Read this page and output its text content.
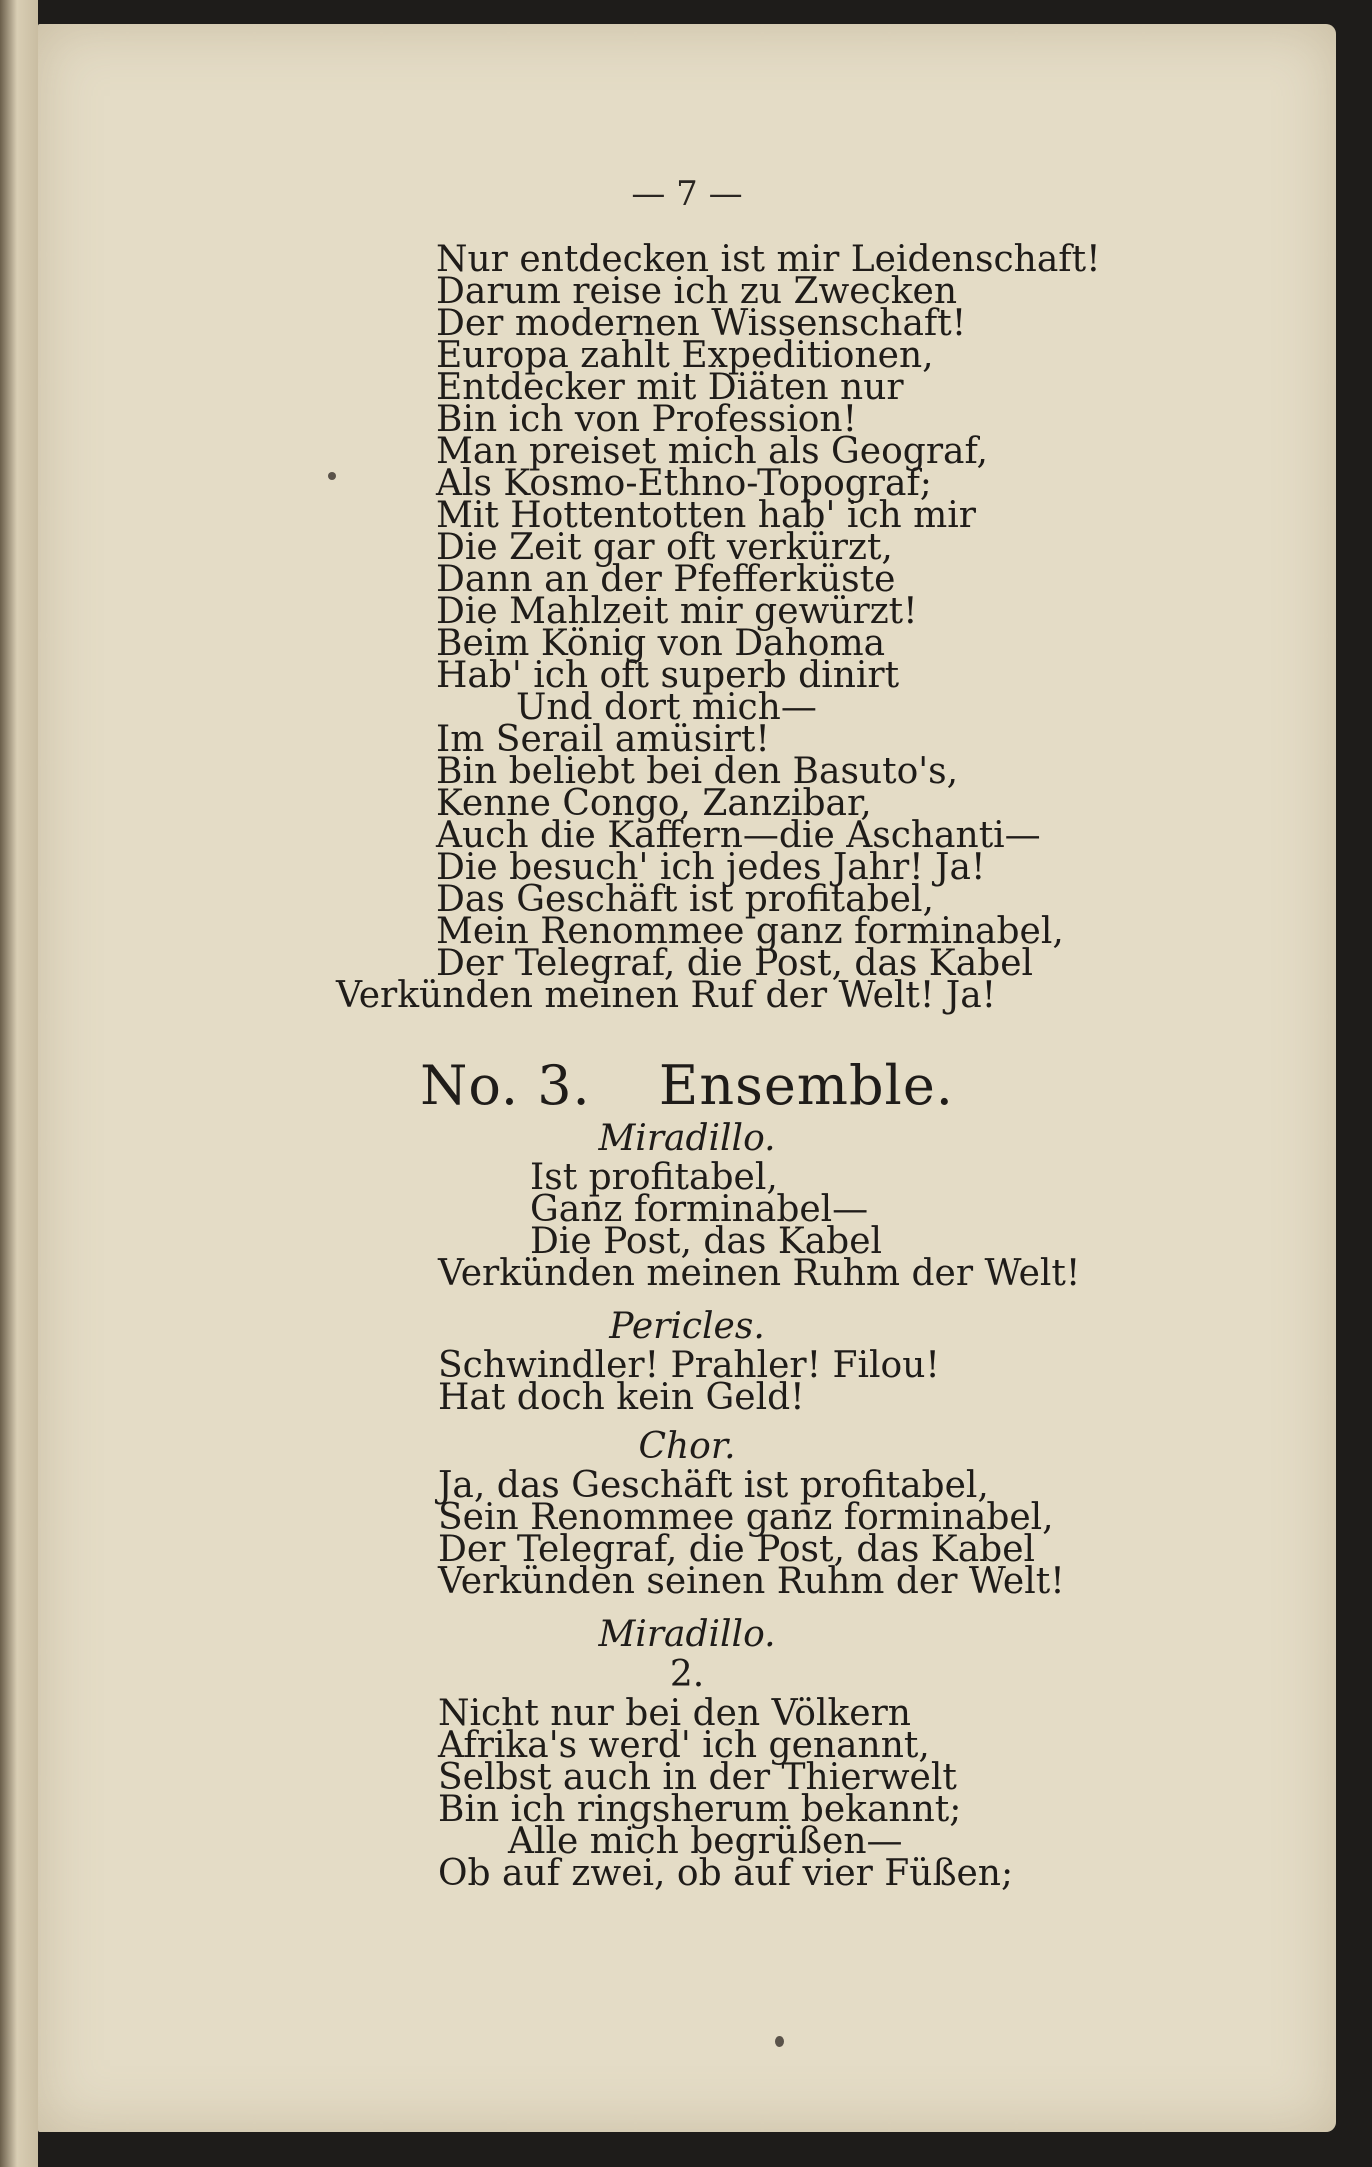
— 7 —
Nur entdecken ist mir Leidenschaft!
Darum reise ich zu Zwecken
Der modernen Wissenschaft!
Europa zahlt Expeditionen,
Entdecker mit Diäten nur
Bin ich von Profession!
Man preiset mich als Geograf,
Als Kosmo-Ethno-Topograf;
Mit Hottentotten hab' ich mir
Die Zeit gar oft verkürzt,
Dann an der Pfefferküste
Die Mahlzeit mir gewürzt!
Beim König von Dahoma
Hab' ich oft superb dinirt
Und dort mich—
Im Serail amüsirt!
Bin beliebt bei den Basuto's,
Kenne Congo, Zanzibar,
Auch die Kaffern—die Aschanti—
Die besuch' ich jedes Jahr! Ja!
Das Geschäft ist profitabel,
Mein Renommee ganz forminabel,
Der Telegraf, die Post, das Kabel
Verkünden meinen Ruf der Welt! Ja!
No. 3. Ensemble.
Miradillo.
Ist profitabel,
Ganz forminabel—
Die Post, das Kabel
Verkünden meinen Ruhm der Welt!
Pericles.
Schwindler! Prahler! Filou!
Hat doch kein Geld!
Chor.
Ja, das Geschäft ist profitabel,
Sein Renommee ganz forminabel,
Der Telegraf, die Post, das Kabel
Verkünden seinen Ruhm der Welt!
Miradillo.
2.
Nicht nur bei den Völkern
Afrika's werd' ich genannt,
Selbst auch in der Thierwelt
Bin ich ringsherum bekannt;
Alle mich begrüßen—
Ob auf zwei, ob auf vier Füßen;
